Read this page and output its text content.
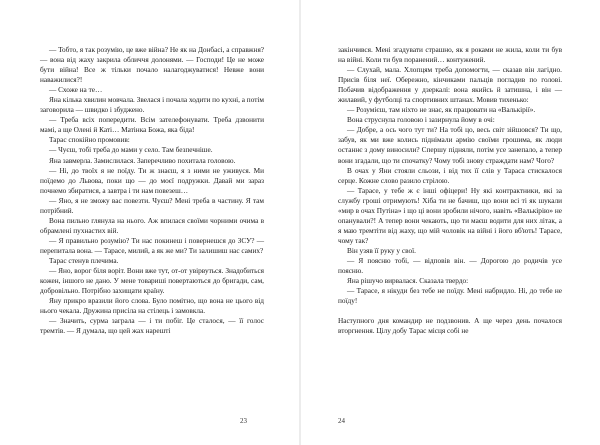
— Тобто, я так розумію, це вже війна? Не як на Донбасі, а справжня? — вона від жаху закрила обличчя долонями. — Господи! Це не може бути війна! Все ж тільки почало налагоджуватися! Невже вони наважилися?!

— Схоже на те…

Яна кілька хвилин мовчала. Звелася і почала ходити по кухні, а потім заговорила — швидко і збуджено.

— Треба всіх попередити. Всім зателефонувати. Треба дзвонити мамі, а ще Олені й Каті… Матінка Божа, яка біда!

Тарас спокійно промовив:

— Чуєш, тобі треба до мами у село. Там безпечніше.

Яна завмерла. Замислилася. Заперечливо похитала головою.

— Ні, до твоїх я не поїду. Ти ж знаєш, я з ними не уживуся. Ми поїдемо до Львова, поки що — до моєї подружки. Давай ми зараз почнемо збиратися, а завтра і ти нам повезеш…

— Яно, я не зможу вас повезти. Чуєш? Мені треба в частину. Я там потрібний.

Вона пильно глянула на нього. Аж впилася своїми чорними очима в обрамлені пухнастих вій.

— Я правильно розумію? Ти нас покинеш і повернешся до ЗСУ? — перепитала вона. — Тарасе, милий, а як же ми? Ти залишиш нас самих?

Тарас стенув плечима.

— Яно, ворог біля воріт. Вони вже тут, от-от увірвуться. Знадобиться кожен, іншого не дано. У мене товариші повертаються до бригади, сам, добровільно. Потрібно захищати країну.

Яну прикро вразили його слова. Було помітно, що вона не цього від нього чекала. Дружина присіла на стілець і замовкла.

— Значить, сурма заграла — і ти побіг. Це сталося, — її голос тремтів. — Я думала, що цей жах нарешті

23

закінчився. Мені згадувати страшно, як я роками не жила, коли ти був на війні. Коли ти був поранений… контужений.

— Слухай, мала. Хлопцям треба допомогти, — сказав він лагідно. Присів біля неї. Обережно, кінчиками пальців погладив по голові. Побачив відображення у дзеркалі: вона якийсь й затишна, і він — жилавий, у футболці та спортивних штанах. Мовив тихенько:

— Розумієш, там ніхто не знає, як працювати на «Валькірії».

Вона струснула головою і зазирнула йому в очі:

— Добре, а ось чого тут ти? На тобі цо, весь світ зійшовся? Ти що, забув, як ми вже колись піднімали армію своїми грошима, як люди останнє з дому виносили? Спершу підняли, потім усе занепало, а тепер вони згадали, що ти спочатку? Чому тобі знову страждати нам? Чого?

В очах у Яни стояли сльози, і від тих її слів у Тараса стискалося серце. Кожне слово разило стрілою.

— Тарасе, у тебе ж є інші офіцери! Ну які контрактники, які за службу гроші отримують! Хіба ти не бачиш, що вони всі ті як шукали «мир в очах Путіна» і що ці вони зробили нічого, навіть «Валькірію» не опанували?! А тепер вони чекають, що ти маєш водити для них літак, а я маю тремтіти від жаху, що мій чоловік на війні і його вб'ють! Тарасе, чому так?

Він узяв її руку у свої.

— Я поясню тобі, — відповів він. — Дорогою до родичів усе поясню.

Яна рішучо вирвалася. Сказала твердо:

— Тарасе, я нікуди без тебе не поїду. Мені набридло. Ні, до тебе не поїду!

Наступного дня командир не подзвонив. А ще через день почалося вторгнення. Цілу добу Тарас місця собі не

24
